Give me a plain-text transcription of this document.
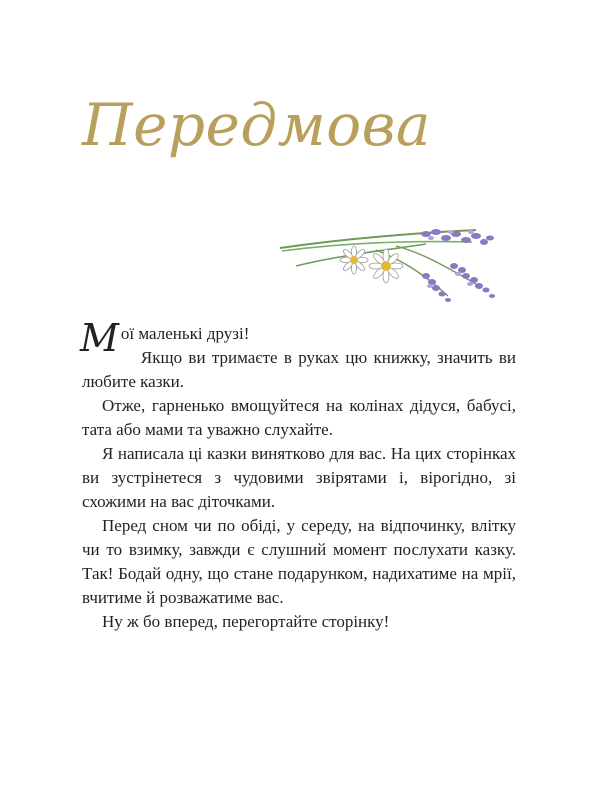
Передмова

Мої маленькі друзі!

Якщо ви тримаєте в руках цю книжку, значить ви любите казки.

Отже, гарненько вмощуйтеся на колінах дідуся, бабусі, тата або мами та уважно слухайте.

Я написала ці казки винятково для вас. На цих сторінках ви зустрінетеся з чудовими звірятами і, вірогідно, зі схожими на вас діточками.

Перед сном чи по обіді, у середу, на відпочинку, влітку чи то взимку, завжди є слушний момент послухати казку. Так! Бодай одну, що стане подарунком, надихатиме на мрії, вчитиме й розважатиме вас.

Ну ж бо вперед, перегортайте сторінку!
